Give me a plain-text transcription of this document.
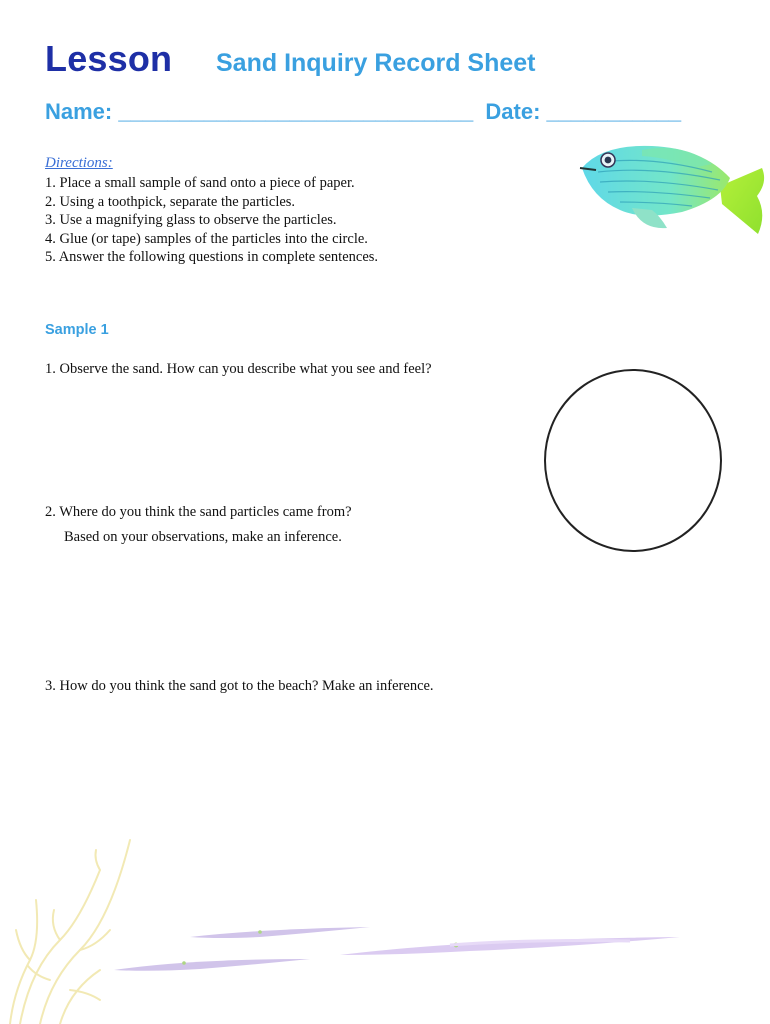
Lesson Sand Inquiry Record Sheet
Name: _____________________________  Date: ___________
Directions:
1. Place a small sample of sand onto a piece of paper.
2. Using a toothpick, separate the particles.
3. Use a magnifying glass to observe the particles.
4. Glue (or tape) samples of the particles into the circle.
5. Answer the following questions in complete sentences.
Sample 1
1. Observe the sand. How can you describe what you see and feel?
2. Where do you think the sand particles came from?
Based on your observations, make an inference.
3. How do you think the sand got to the beach? Make an inference.
